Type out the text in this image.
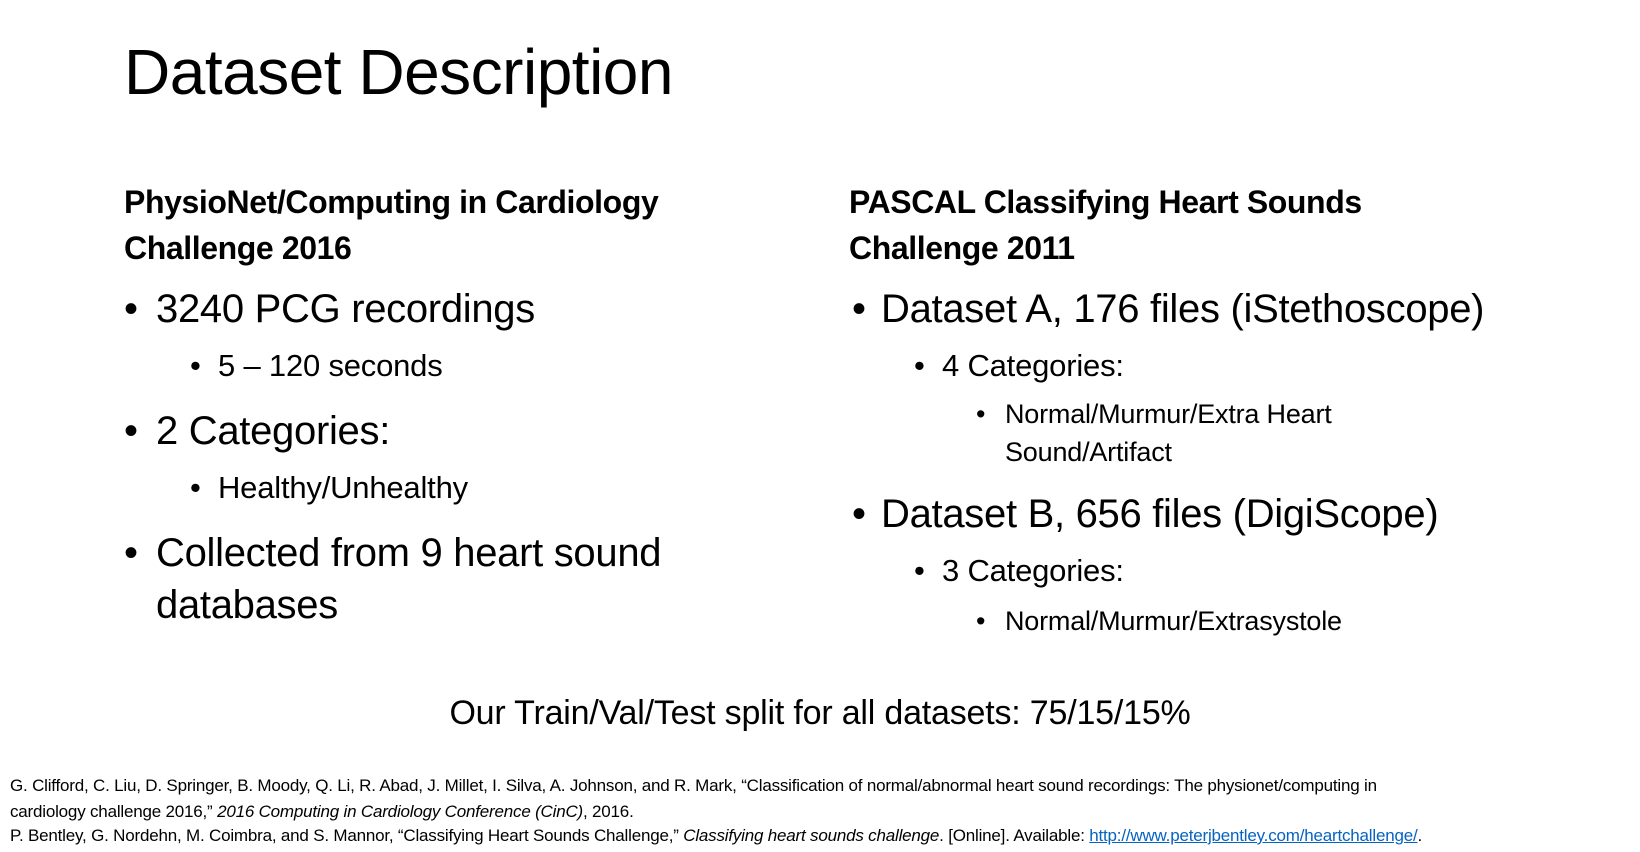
Dataset Description
PhysioNet/Computing in Cardiology
Challenge 2016
• 3240 PCG recordings
• 5 – 120 seconds
• 2 Categories:
• Healthy/Unhealthy
• Collected from 9 heart sound
databases
PASCAL Classifying Heart Sounds
Challenge 2011
• Dataset A, 176 files (iStethoscope)
• 4 Categories:
• Normal/Murmur/Extra Heart
Sound/Artifact
• Dataset B, 656 files (DigiScope)
• 3 Categories:
• Normal/Murmur/Extrasystole
Our Train/Val/Test split for all datasets: 75/15/15%
G. Clifford, C. Liu, D. Springer, B. Moody, Q. Li, R. Abad, J. Millet, I. Silva, A. Johnson, and R. Mark, “Classification of normal/abnormal heart sound recordings: The physionet/computing in
cardiology challenge 2016,” 2016 Computing in Cardiology Conference (CinC), 2016.
P. Bentley, G. Nordehn, M. Coimbra, and S. Mannor, “Classifying Heart Sounds Challenge,” Classifying heart sounds challenge. [Online]. Available: http://www.peterjbentley.com/heartchallenge/.
